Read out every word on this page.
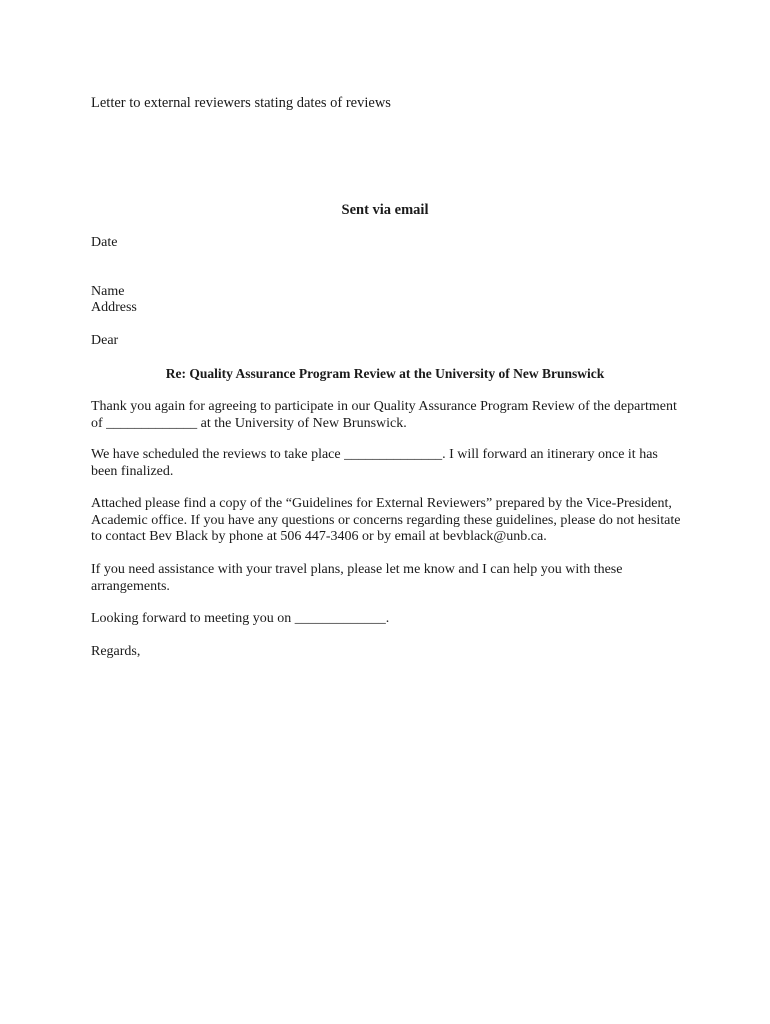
Letter to external reviewers stating dates of reviews
Sent via email
Date
Name
Address
Dear
Re: Quality Assurance Program Review at the University of New Brunswick
Thank you again for agreeing to participate in our Quality Assurance Program Review of the department
of _____________ at the University of New Brunswick.
We have scheduled the reviews to take place ______________. I will forward an itinerary once it has
been finalized.
Attached please find a copy of the “Guidelines for External Reviewers” prepared by the Vice-President,
Academic office. If you have any questions or concerns regarding these guidelines, please do not hesitate
to contact Bev Black by phone at 506 447-3406 or by email at bevblack@unb.ca.
If you need assistance with your travel plans, please let me know and I can help you with these
arrangements.
Looking forward to meeting you on _____________.
Regards,
